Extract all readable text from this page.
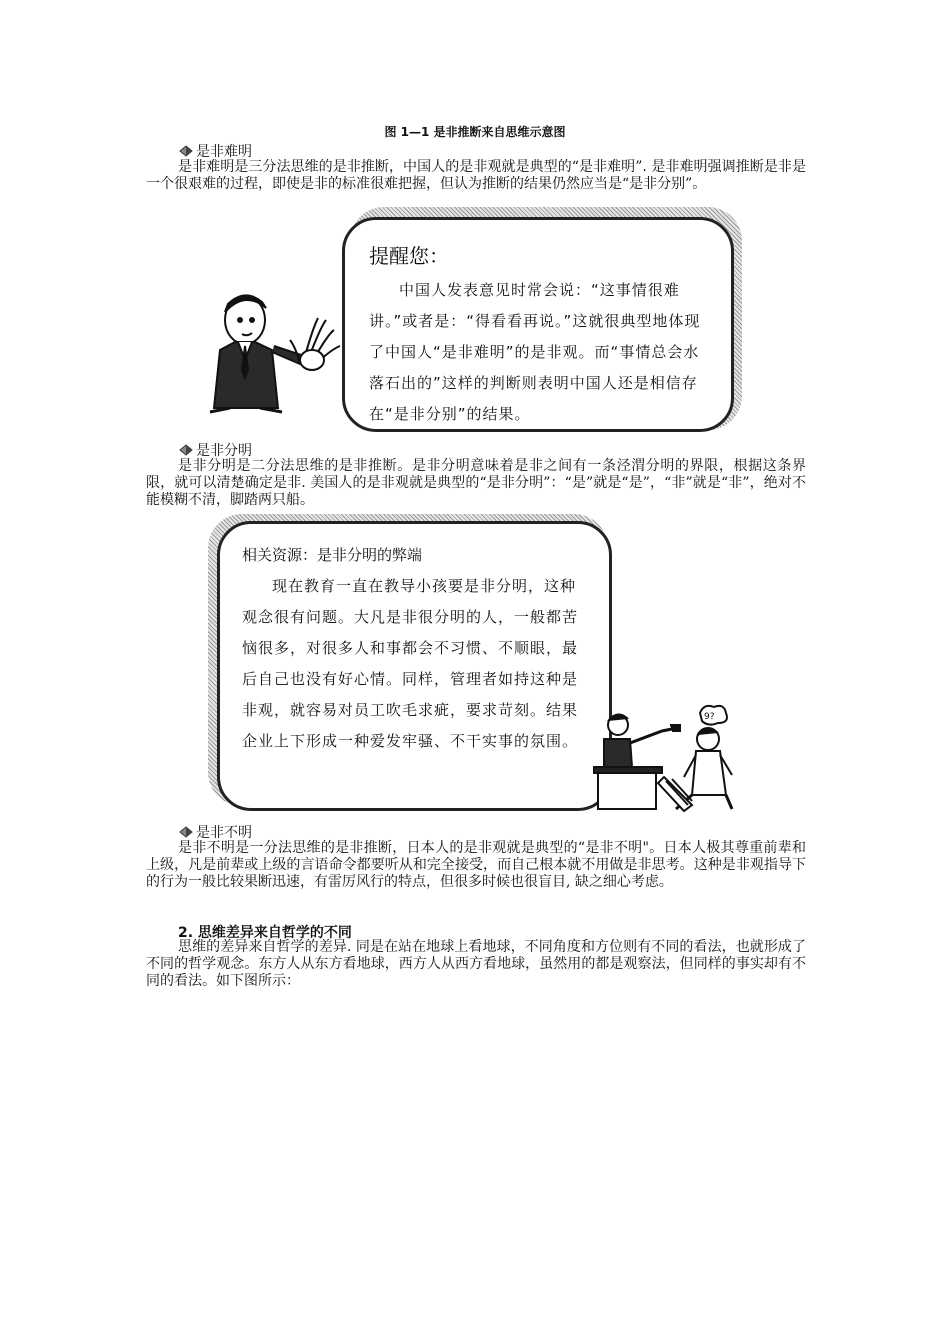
图 1—1 是非推断来自思维示意图
是非难明
是非难明是三分法思维的是非推断，中国人的是非观就是典型的“是非难明”. 是非难明强调推断是非是一个很艰难的过程，即使是非的标准很难把握，但认为推断的结果仍然应当是“是非分别”。
提醒您：
中国人发表意见时常会说：“这事情很难讲。”或者是：“得看看再说。”这就很典型地体现了中国人“是非难明”的是非观。而“事情总会水落石出的”这样的判断则表明中国人还是相信存在“是非分别”的结果。
是非分明
是非分明是二分法思维的是非推断。是非分明意味着是非之间有一条泾渭分明的界限，根据这条界限，就可以清楚确定是非. 美国人的是非观就是典型的“是非分明”：“是”就是“是”，“非”就是“非”，绝对不能模糊不清，脚踏两只船。
相关资源：是非分明的弊端
现在教育一直在教导小孩要是非分明，这种观念很有问题。大凡是非很分明的人，一般都苦恼很多，对很多人和事都会不习惯、不顺眼，最后自己也没有好心情。同样，管理者如持这种是非观，就容易对员工吹毛求疵，要求苛刻。结果企业上下形成一种爱发牢骚、不干实事的氛围。
9?
是非不明
是非不明是一分法思维的是非推断，日本人的是非观就是典型的“是非不明"。日本人极其尊重前辈和上级，凡是前辈或上级的言语命令都要听从和完全接受，而自己根本就不用做是非思考。这种是非观指导下的行为一般比较果断迅速，有雷厉风行的特点，但很多时候也很盲目, 缺之细心考虑。
2. 思维差异来自哲学的不同
思维的差异来自哲学的差异. 同是在站在地球上看地球，不同角度和方位则有不同的看法，也就形成了不同的哲学观念。东方人从东方看地球，西方人从西方看地球，虽然用的都是观察法，但同样的事实却有不同的看法。如下图所示：
